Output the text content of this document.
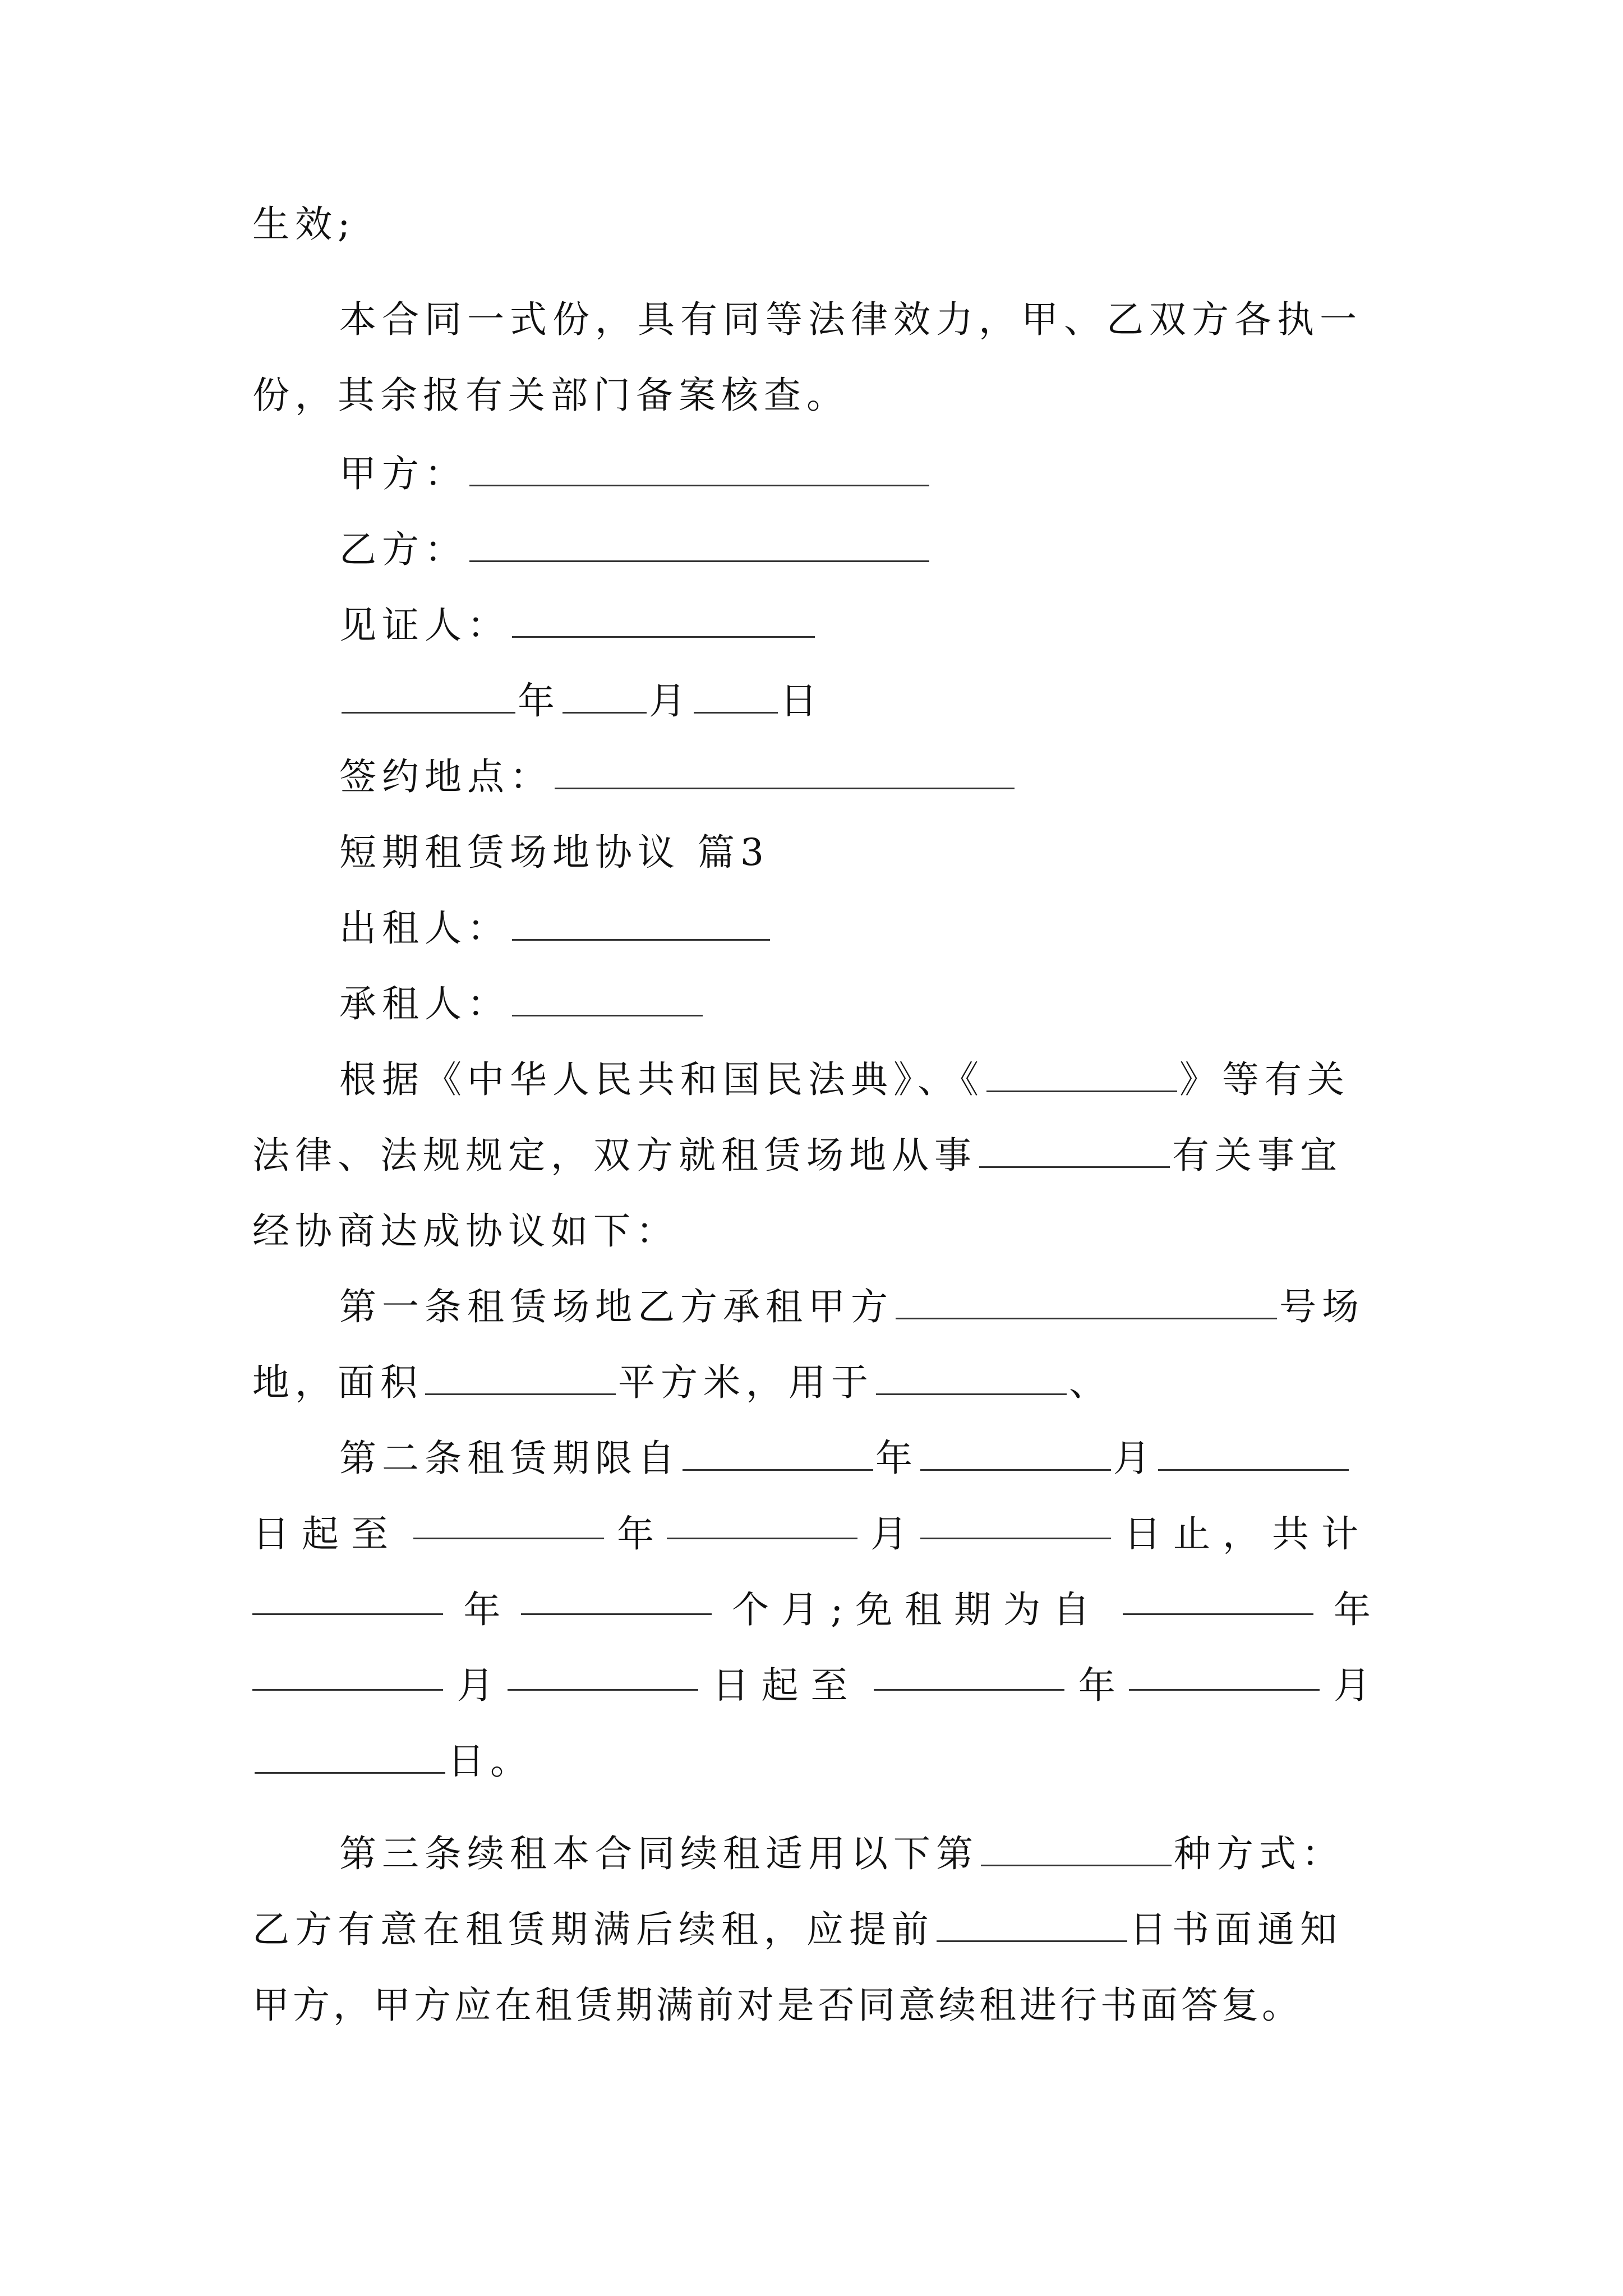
生效;
本合同一式份，具有同等法律效力，甲、乙双方各执一
份，其余报有关部门备案核查。
甲方：
乙方：
见证人：
年 月 日
签约地点：
短期租赁场地协议 篇3
出租人：
承租人：
根据《中华人民共和国民法典》、《	》等有关
法律、法规规定，双方就租赁场地从事	有关事宜
经协商达成协议如下：
第一条租赁场地乙方承租甲方	号场
地，面积	平方米，用于	、
第二条租赁期限自	年	月
日起至	年	月	日止，共计
年	个月;免租期为自	年
月	日起至	年	月
日。
第三条续租本合同续租适用以下第	种方式：
乙方有意在租赁期满后续租，应提前	日书面通知
甲方，甲方应在租赁期满前对是否同意续租进行书面答复。
